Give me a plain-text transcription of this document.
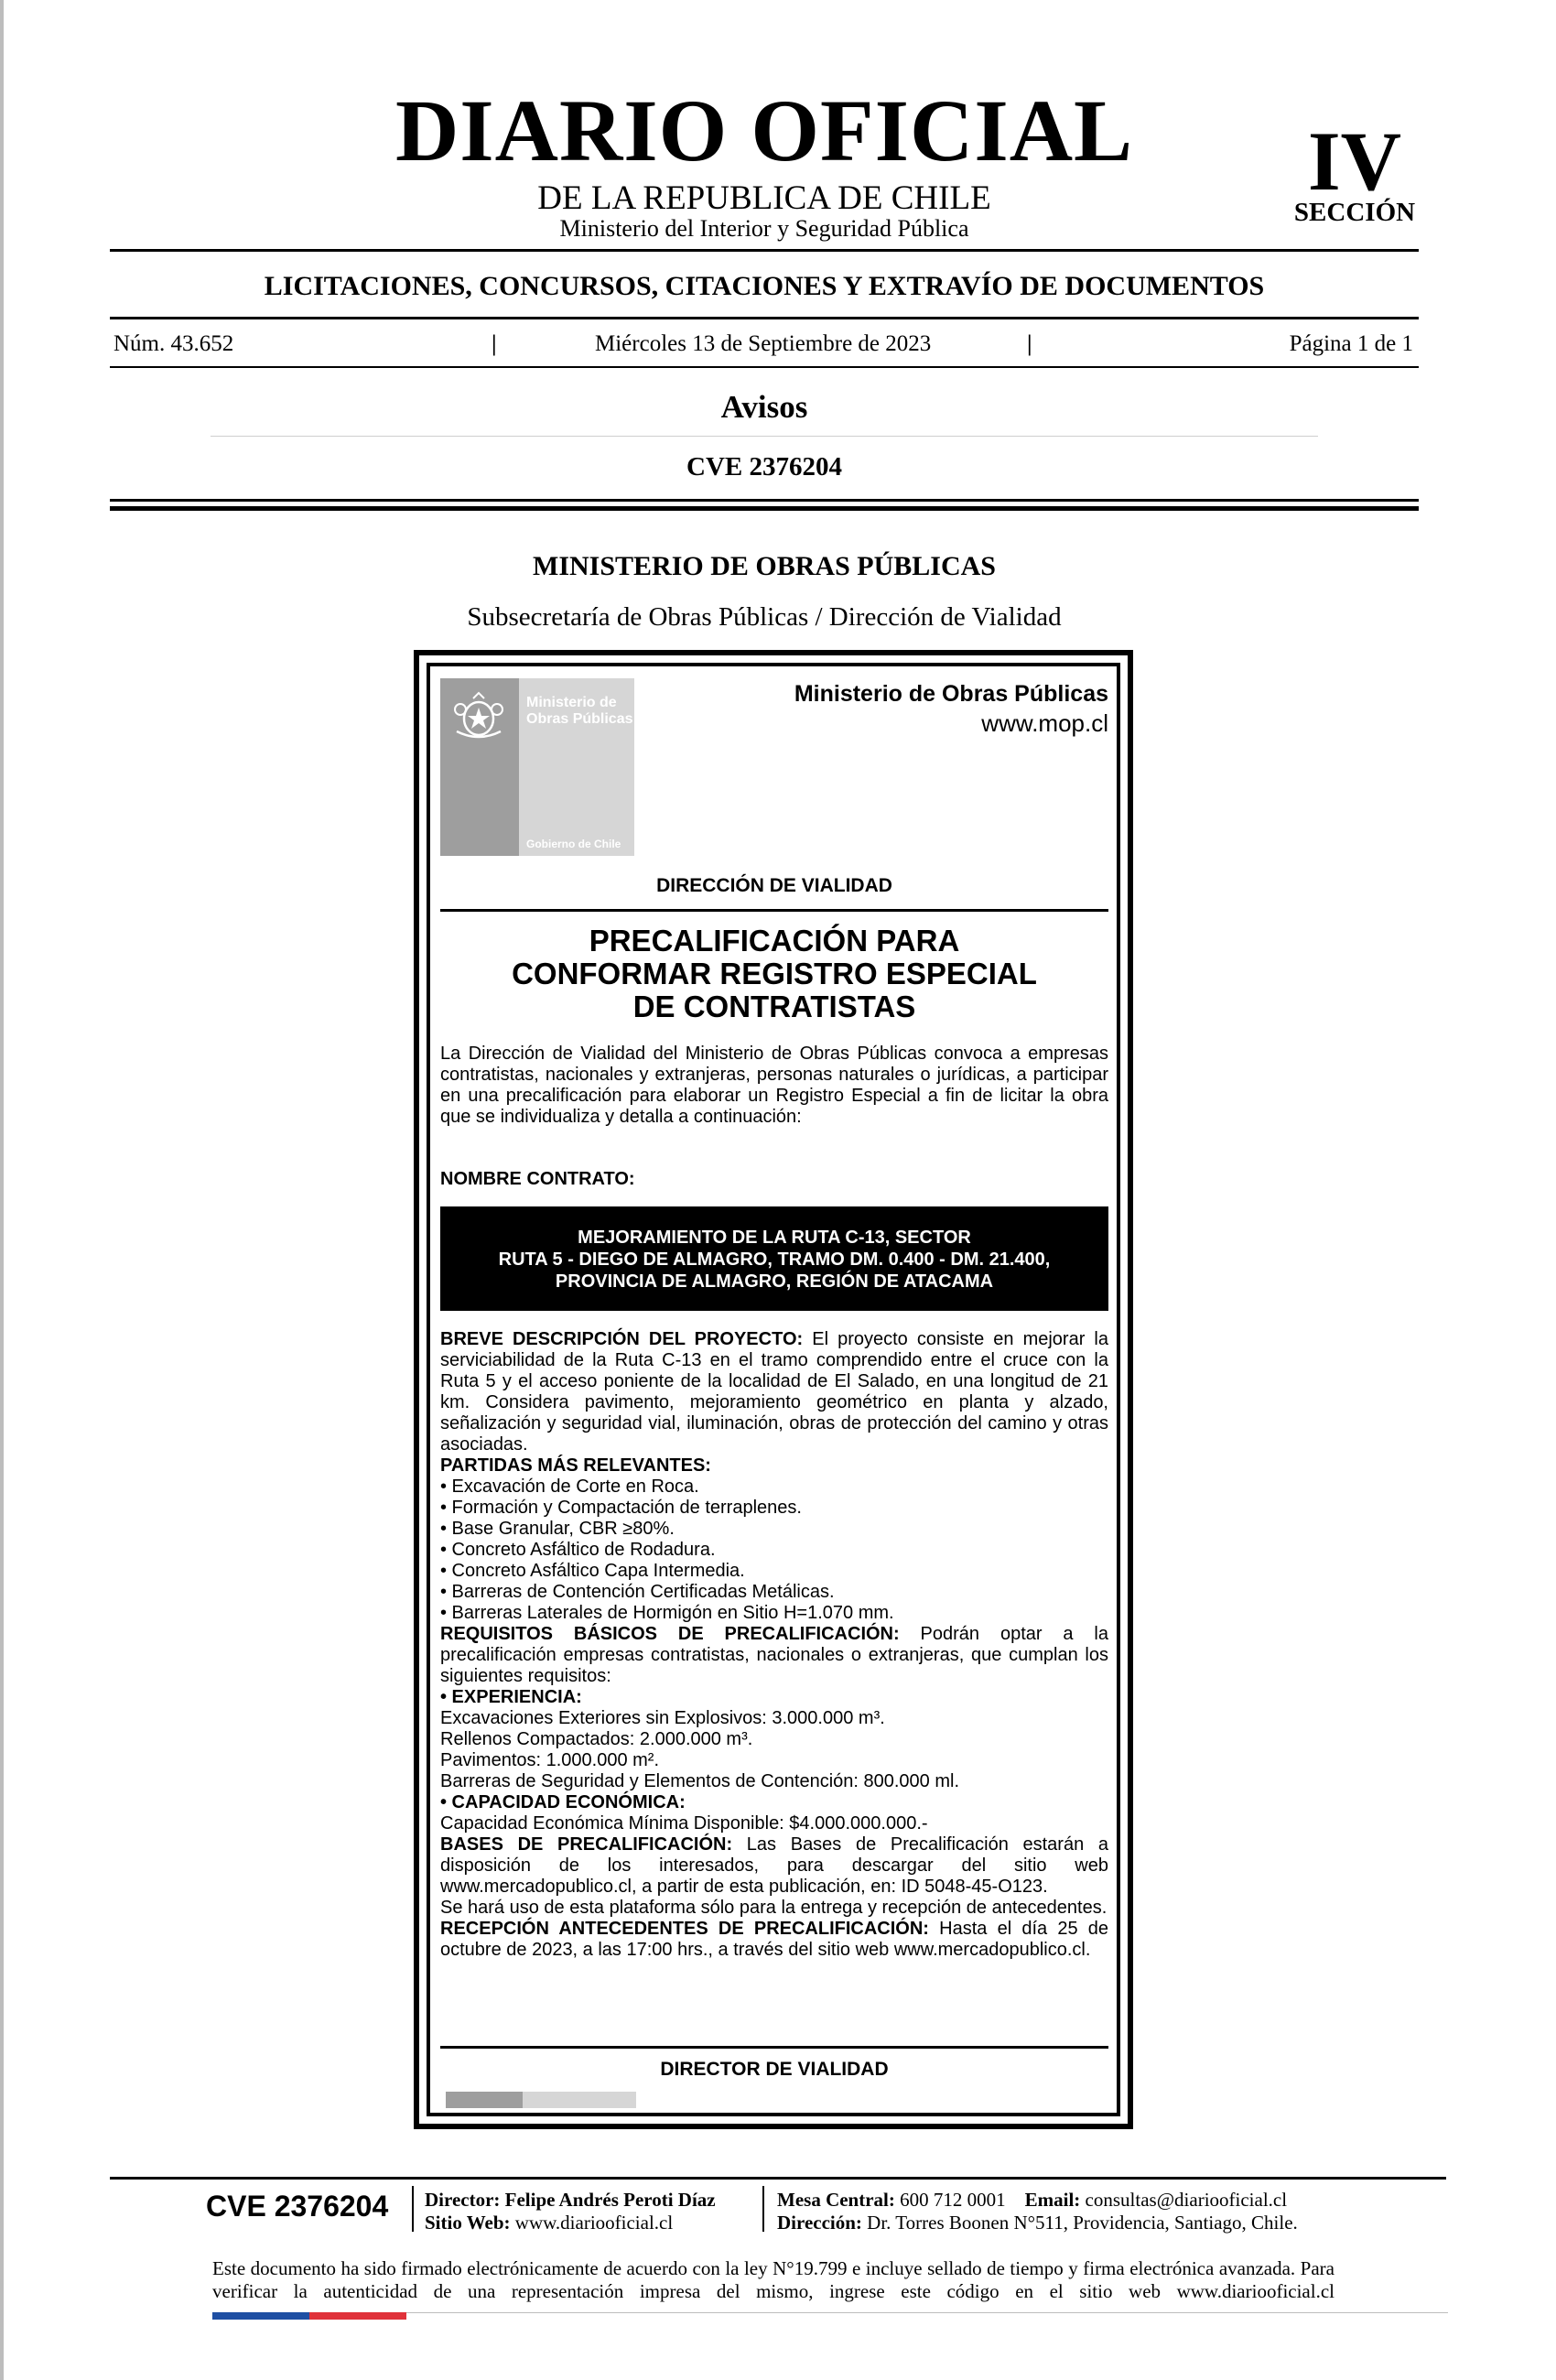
DIARIO OFICIAL
DE LA REPUBLICA DE CHILE
Ministerio del Interior y Seguridad Pública
IV
SECCIÓN
LICITACIONES, CONCURSOS, CITACIONES Y EXTRAVÍO DE DOCUMENTOS
Núm. 43.652	|	Miércoles 13 de Septiembre de 2023	|	Página 1 de 1
Avisos
CVE 2376204
MINISTERIO DE OBRAS PÚBLICAS
Subsecretaría de Obras Públicas / Dirección de Vialidad
Ministerio de
Obras Públicas
Gobierno de Chile
Ministerio de Obras Públicas
www.mop.cl
DIRECCIÓN DE VIALIDAD
PRECALIFICACIÓN PARA
CONFORMAR REGISTRO ESPECIAL
DE CONTRATISTAS
La Dirección de Vialidad del Ministerio de Obras Públicas convoca a empresas contratistas, nacionales y extranjeras, personas naturales o jurídicas, a participar en una precalificación para elaborar un Registro Especial a fin de licitar la obra que se individualiza y detalla a continuación:
NOMBRE CONTRATO:
MEJORAMIENTO DE LA RUTA C-13, SECTOR
RUTA 5 - DIEGO DE ALMAGRO, TRAMO DM. 0.400 - DM. 21.400,
PROVINCIA DE ALMAGRO, REGIÓN DE ATACAMA
BREVE DESCRIPCIÓN DEL PROYECTO: El proyecto consiste en mejorar la serviciabilidad de la Ruta C-13 en el tramo comprendido entre el cruce con la Ruta 5 y el acceso poniente de la localidad de El Salado, en una longitud de 21 km. Considera pavimento, mejoramiento geométrico en planta y alzado, señalización y seguridad vial, iluminación, obras de protección del camino y otras asociadas.
PARTIDAS MÁS RELEVANTES:
• Excavación de Corte en Roca.
• Formación y Compactación de terraplenes.
• Base Granular, CBR ≥80%.
• Concreto Asfáltico de Rodadura.
• Concreto Asfáltico Capa Intermedia.
• Barreras de Contención Certificadas Metálicas.
• Barreras Laterales de Hormigón en Sitio H=1.070 mm.
REQUISITOS BÁSICOS DE PRECALIFICACIÓN: Podrán optar a la precalificación empresas contratistas, nacionales o extranjeras, que cumplan los siguientes requisitos:
• EXPERIENCIA:
Excavaciones Exteriores sin Explosivos: 3.000.000 m³.
Rellenos Compactados: 2.000.000 m³.
Pavimentos: 1.000.000 m².
Barreras de Seguridad y Elementos de Contención: 800.000 ml.
• CAPACIDAD ECONÓMICA:
Capacidad Económica Mínima Disponible: $4.000.000.000.-
BASES DE PRECALIFICACIÓN: Las Bases de Precalificación estarán a disposición de los interesados, para descargar del sitio web www.mercadopublico.cl, a partir de esta publicación, en: ID 5048-45-O123.
Se hará uso de esta plataforma sólo para la entrega y recepción de antecedentes.
RECEPCIÓN ANTECEDENTES DE PRECALIFICACIÓN: Hasta el día 25 de octubre de 2023, a las 17:00 hrs., a través del sitio web www.mercadopublico.cl.
DIRECTOR DE VIALIDAD
CVE 2376204 Director: Felipe Andrés Peroti Díaz
Sitio Web: www.diariooficial.cl
Mesa Central: 600 712 0001 Email: consultas@diariooficial.cl
Dirección: Dr. Torres Boonen N°511, Providencia, Santiago, Chile.
Este documento ha sido firmado electrónicamente de acuerdo con la ley N°19.799 e incluye sellado de tiempo y firma electrónica avanzada. Para verificar la autenticidad de una representación impresa del mismo, ingrese este código en el sitio web www.diariooficial.cl
